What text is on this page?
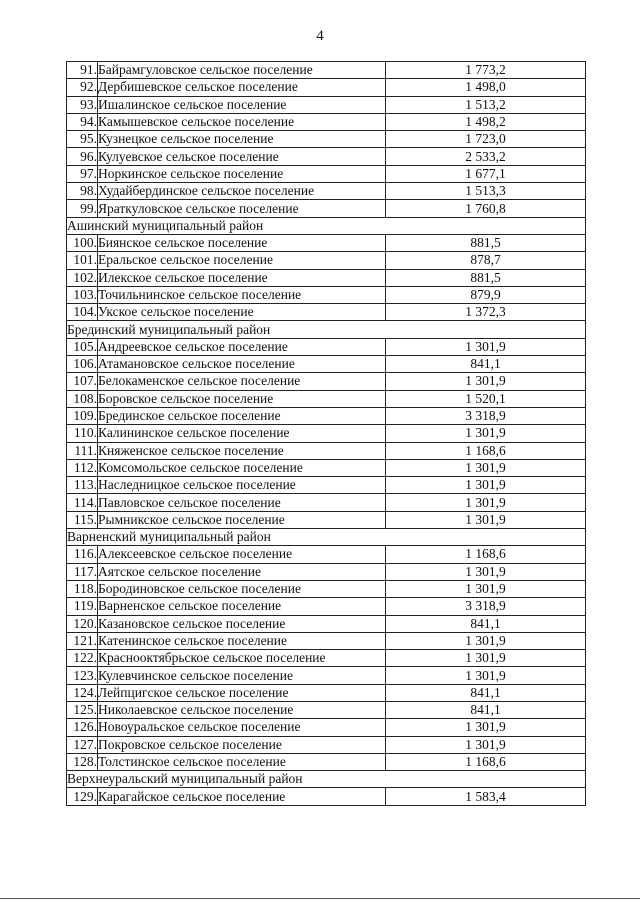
4
91.	Байрамгуловское сельское поселение	1 773,2
92.	Дербишевское сельское поселение	1 498,0
93.	Ишалинское сельское поселение	1 513,2
94.	Камышевское сельское поселение	1 498,2
95.	Кузнецкое сельское поселение	1 723,0
96.	Кулуевское сельское поселение	2 533,2
97.	Норкинское сельское поселение	1 677,1
98.	Худайбердинское сельское поселение	1 513,3
99.	Яраткуловское сельское поселение	1 760,8
Ашинский муниципальный район		
100.	Биянское сельское поселение	881,5
101.	Еральское сельское поселение	878,7
102.	Илекское сельское поселение	881,5
103.	Точильнинское сельское поселение	879,9
104.	Укское сельское поселение	1 372,3
Брединский муниципальный район		
105.	Андреевское сельское поселение	1 301,9
106.	Атамановское сельское поселение	841,1
107.	Белокаменское сельское поселение	1 301,9
108.	Боровское сельское поселение	1 520,1
109.	Брединское сельское поселение	3 318,9
110.	Калининское сельское поселение	1 301,9
111.	Княженское сельское поселение	1 168,6
112.	Комсомольское сельское поселение	1 301,9
113.	Наследницкое сельское поселение	1 301,9
114.	Павловское сельское поселение	1 301,9
115.	Рымникское сельское поселение	1 301,9
Варненский муниципальный район		
116.	Алексеевское сельское поселение	1 168,6
117.	Аятское сельское поселение	1 301,9
118.	Бородиновское сельское поселение	1 301,9
119.	Варненское сельское поселение	3 318,9
120.	Казановское сельское поселение	841,1
121.	Катенинское сельское поселение	1 301,9
122.	Краснооктябрьское сельское поселение	1 301,9
123.	Кулевчинское сельское поселение	1 301,9
124.	Лейпцигское сельское поселение	841,1
125.	Николаевское сельское поселение	841,1
126.	Новоуральское сельское поселение	1 301,9
127.	Покровское сельское поселение	1 301,9
128.	Толстинское сельское поселение	1 168,6
Верхнеуральский муниципальный район		
129.	Карагайское сельское поселение	1 583,4
